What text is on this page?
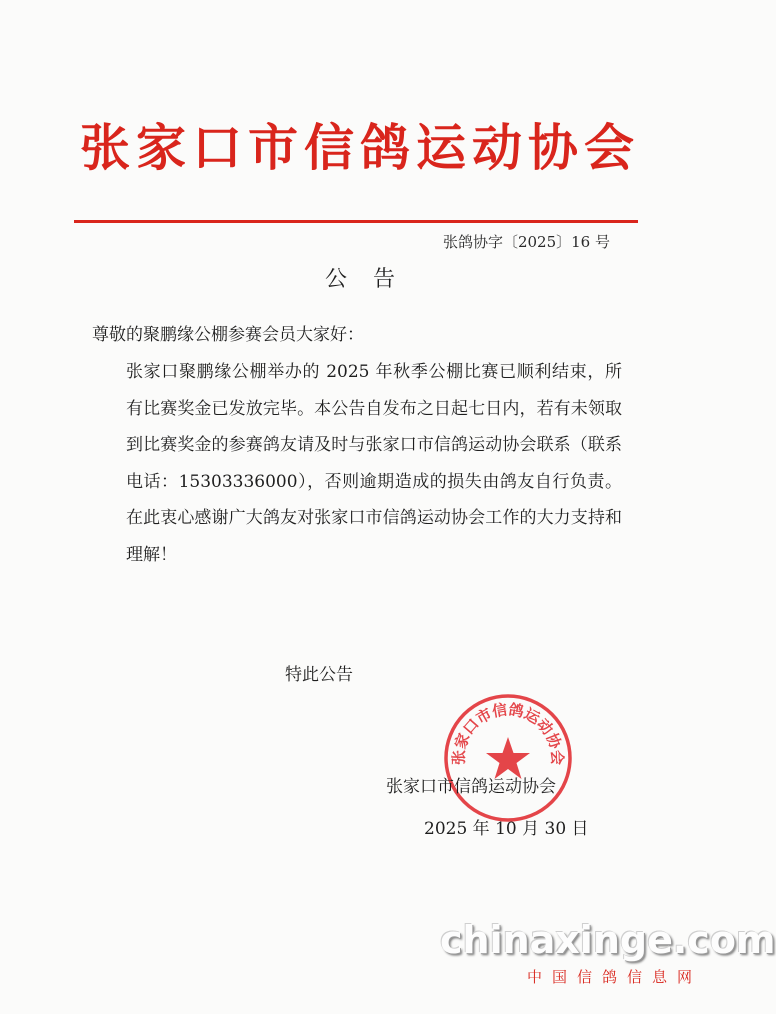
张家口市信鸽运动协会
张鸽协字〔2025〕16 号
公告
尊敬的聚鹏缘公棚参赛会员大家好：

张家口聚鹏缘公棚举办的 2025 年秋季公棚比赛已顺利结束，所有比赛奖金已发放完毕。本公告自发布之日起七日内，若有未领取到比赛奖金的参赛鸽友请及时与张家口市信鸽运动协会联系（联系电话：15303336000），否则逾期造成的损失由鸽友自行负责。在此衷心感谢广大鸽友对张家口市信鸽运动协会工作的大力支持和理解！

特此公告
张家口市信鸽运动协会
张家口市信鸽运动协会
2025 年 10 月 30 日
chinaxinge.com
中国信鸽信息网
